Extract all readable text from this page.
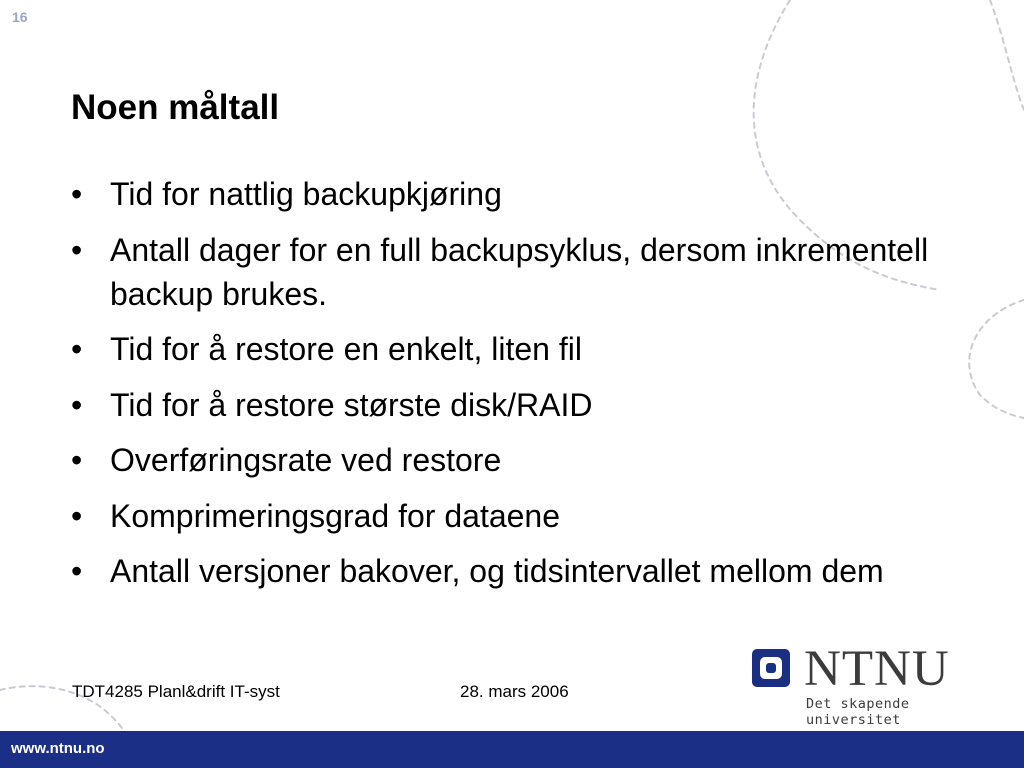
16
Noen måltall
• Tid for nattlig backupkjøring
• Antall dager for en full backupsyklus, dersom inkrementell backup brukes.
• Tid for å restore en enkelt, liten fil
• Tid for å restore største disk/RAID
• Overføringsrate ved restore
• Komprimeringsgrad for dataene
• Antall versjoner bakover, og tidsintervallet mellom dem
TDT4285 Planl&drift IT-syst	28. mars 2006	NTNU
Det skapende universitet
www.ntnu.no
